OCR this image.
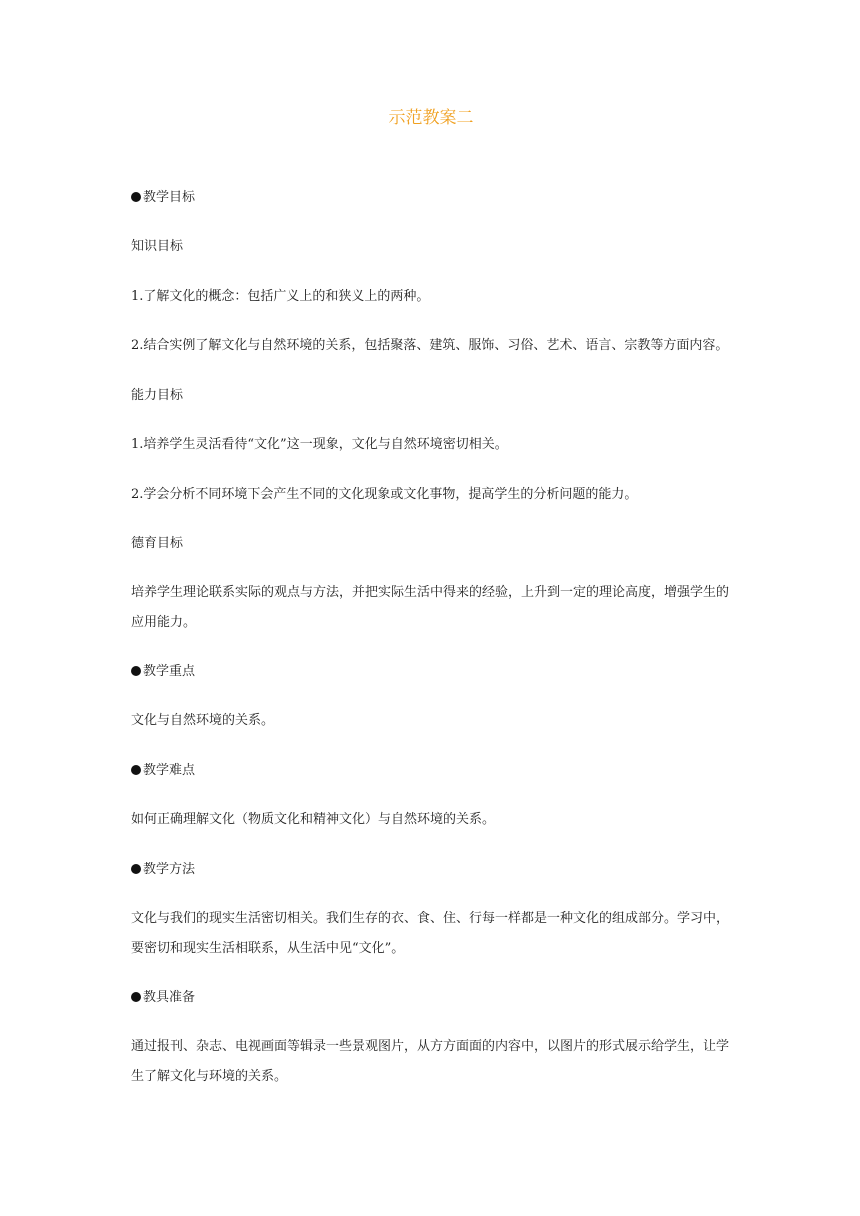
示范教案二

教学目标

知识目标

1.了解文化的概念：包括广义上的和狭义上的两种。

2.结合实例了解文化与自然环境的关系，包括聚落、建筑、服饰、习俗、艺术、语言、宗教等方面内容。

能力目标

1.培养学生灵活看待“文化”这一现象，文化与自然环境密切相关。

2.学会分析不同环境下会产生不同的文化现象或文化事物，提高学生的分析问题的能力。

德育目标

培养学生理论联系实际的观点与方法，并把实际生活中得来的经验，上升到一定的理论高度，增强学生的应用能力。

教学重点

文化与自然环境的关系。

教学难点

如何正确理解文化（物质文化和精神文化）与自然环境的关系。

教学方法

文化与我们的现实生活密切相关。我们生存的衣、食、住、行每一样都是一种文化的组成部分。学习中，要密切和现实生活相联系，从生活中见“文化”。

教具准备

通过报刊、杂志、电视画面等辑录一些景观图片，从方方面面的内容中，以图片的形式展示给学生，让学生了解文化与环境的关系。
